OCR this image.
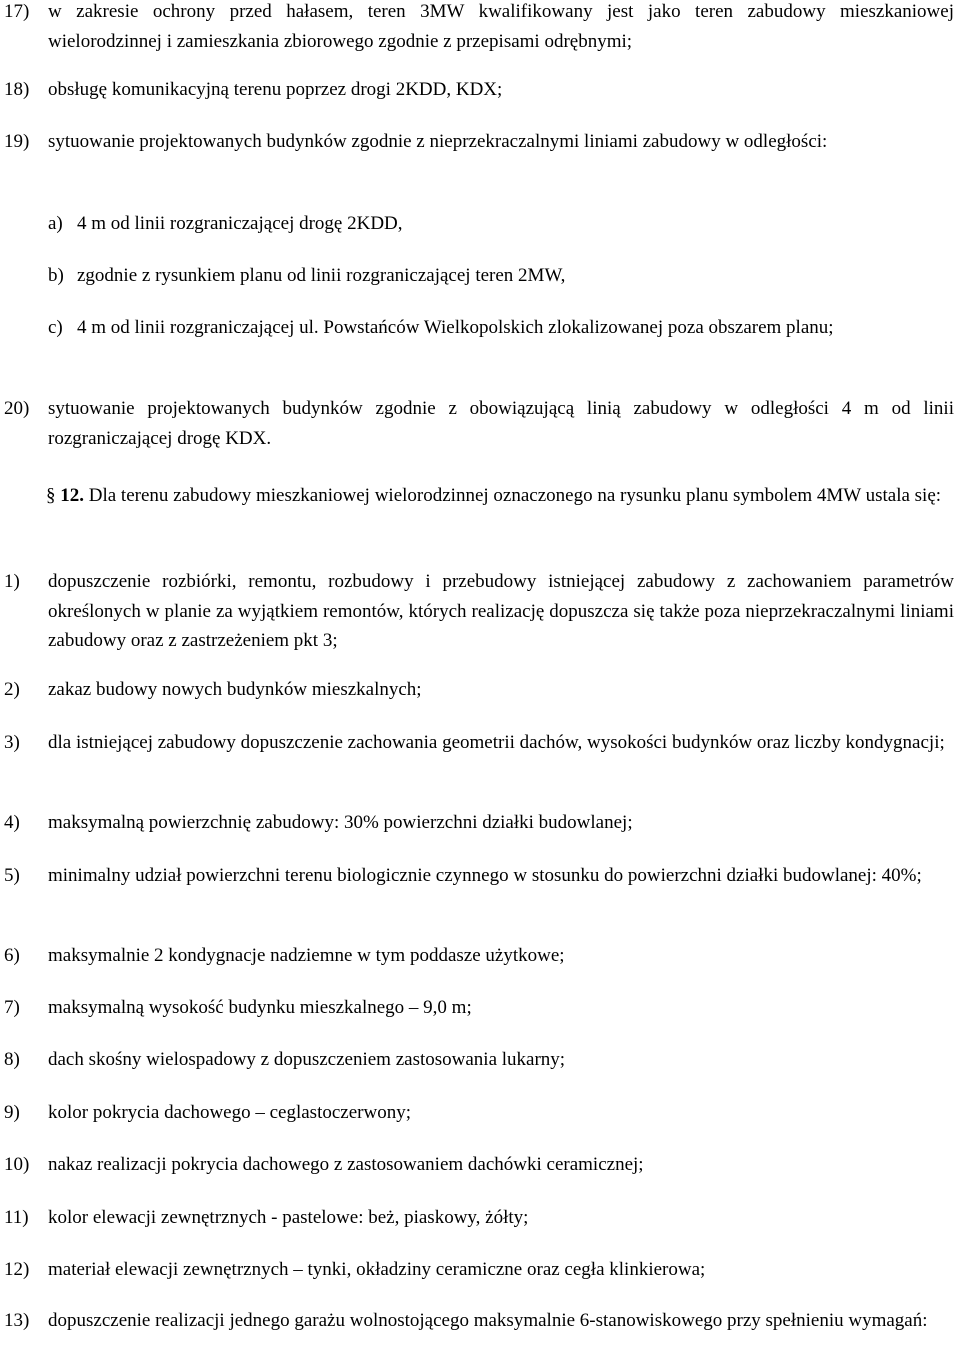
17) w zakresie ochrony przed hałasem, teren 3MW kwalifikowany jest jako teren zabudowy mieszkaniowej wielorodzinnej i zamieszkania zbiorowego zgodnie z przepisami odrębnymi;
18) obsługę komunikacyjną terenu poprzez drogi 2KDD, KDX;
19) sytuowanie projektowanych budynków zgodnie z nieprzekraczalnymi liniami zabudowy w odległości:
a) 4 m od linii rozgraniczającej drogę 2KDD,
b) zgodnie z rysunkiem planu od linii rozgraniczającej teren 2MW,
c) 4 m od linii rozgraniczającej ul. Powstańców Wielkopolskich zlokalizowanej poza obszarem planu;
20) sytuowanie projektowanych budynków zgodnie z obowiązującą linią zabudowy w odległości 4 m od linii rozgraniczającej drogę KDX.
§ 12. Dla terenu zabudowy mieszkaniowej wielorodzinnej oznaczonego na rysunku planu symbolem 4MW ustala się:
1) dopuszczenie rozbiórki, remontu, rozbudowy i przebudowy istniejącej zabudowy z zachowaniem parametrów określonych w planie za wyjątkiem remontów, których realizację dopuszcza się także poza nieprzekraczalnymi liniami zabudowy oraz z zastrzeżeniem pkt 3;
2) zakaz budowy nowych budynków mieszkalnych;
3) dla istniejącej zabudowy dopuszczenie zachowania geometrii dachów, wysokości budynków oraz liczby kondygnacji;
4) maksymalną powierzchnię zabudowy: 30% powierzchni działki budowlanej;
5) minimalny udział powierzchni terenu biologicznie czynnego w stosunku do powierzchni działki budowlanej: 40%;
6) maksymalnie 2 kondygnacje nadziemne w tym poddasze użytkowe;
7) maksymalną wysokość budynku mieszkalnego – 9,0 m;
8) dach skośny wielospadowy z dopuszczeniem zastosowania lukarny;
9) kolor pokrycia dachowego – ceglastoczerwony;
10) nakaz realizacji pokrycia dachowego z zastosowaniem dachówki ceramicznej;
11) kolor elewacji zewnętrznych - pastelowe: beż, piaskowy, żółty;
12) materiał elewacji zewnętrznych – tynki, okładziny ceramiczne oraz cegła klinkierowa;
13) dopuszczenie realizacji jednego garażu wolnostojącego maksymalnie 6-stanowiskowego przy spełnieniu wymagań:
